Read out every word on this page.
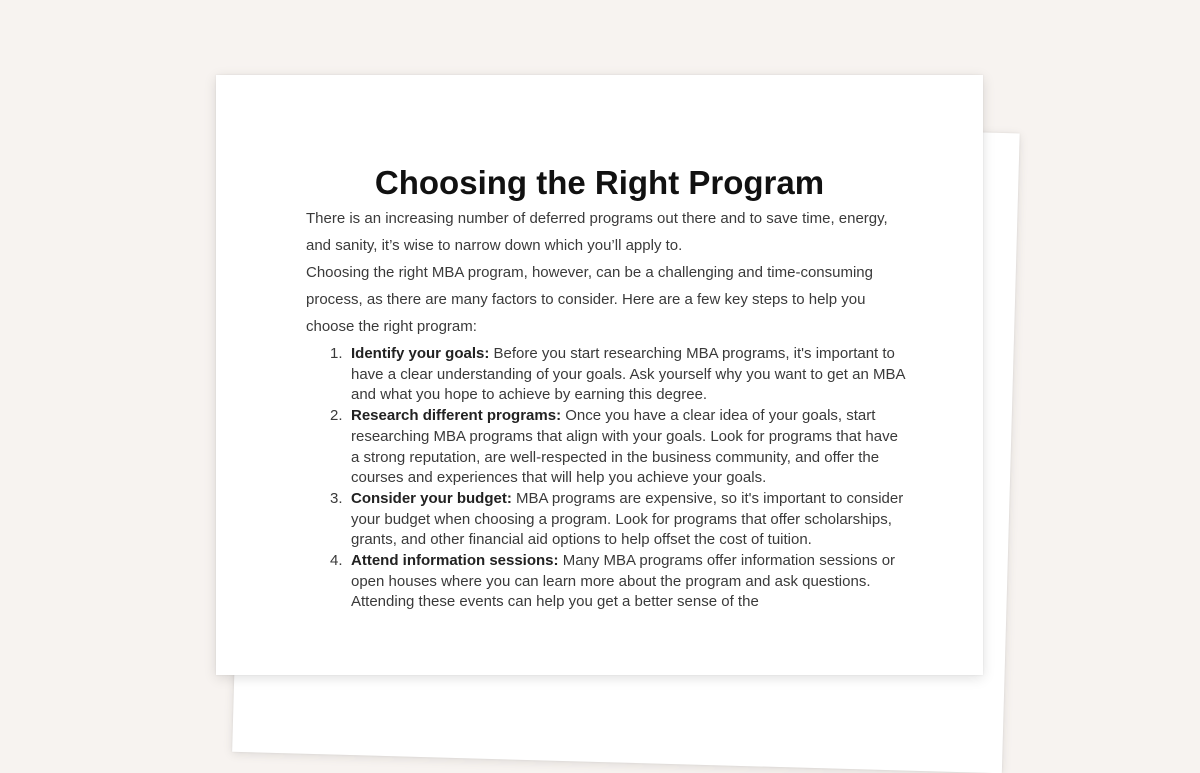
Choosing the Right Program

There is an increasing number of deferred programs out there and to save time, energy, and sanity, it’s wise to narrow down which you’ll apply to.

Choosing the right MBA program, however, can be a challenging and time-consuming process, as there are many factors to consider. Here are a few key steps to help you choose the right program:

1. Identify your goals: Before you start researching MBA programs, it's important to have a clear understanding of your goals. Ask yourself why you want to get an MBA and what you hope to achieve by earning this degree.
2. Research different programs: Once you have a clear idea of your goals, start researching MBA programs that align with your goals. Look for programs that have a strong reputation, are well-respected in the business community, and offer the courses and experiences that will help you achieve your goals.
3. Consider your budget: MBA programs are expensive, so it's important to consider your budget when choosing a program. Look for programs that offer scholarships, grants, and other financial aid options to help offset the cost of tuition.
4. Attend information sessions: Many MBA programs offer information sessions or open houses where you can learn more about the program and ask questions. Attending these events can help you get a better sense of the
